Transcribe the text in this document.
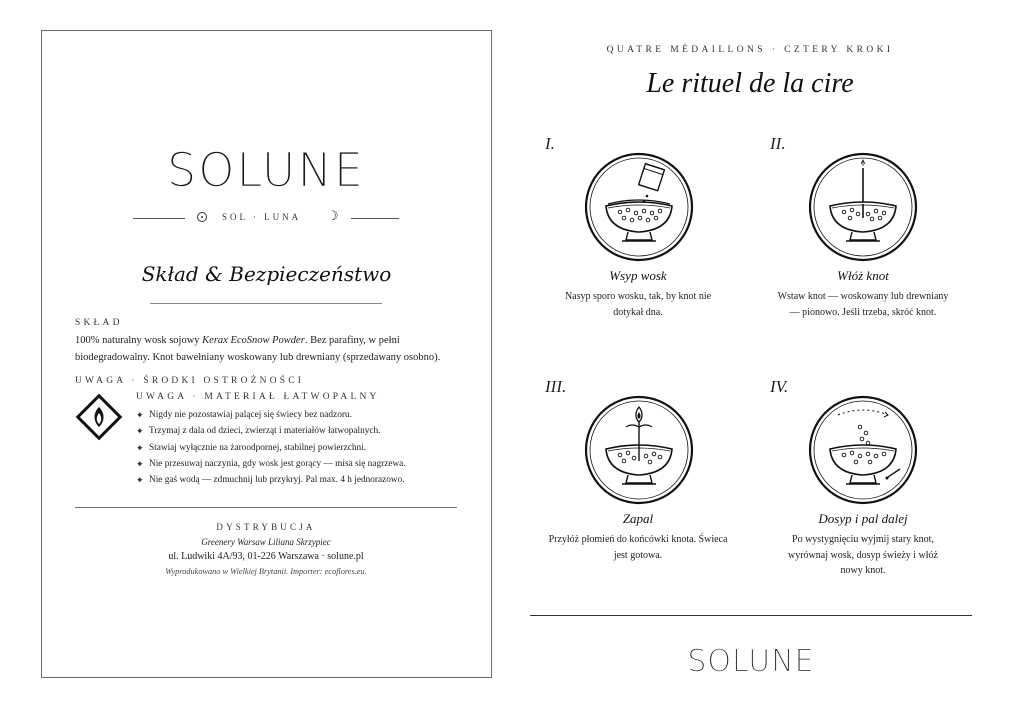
SOLUNE
SOL · LUNA ☽
Skład & Bezpieczeństwo
SKŁAD
100% naturalny wosk sojowy Kerax EcoSnow Powder. Bez parafiny, w pełni
biodegradowalny. Knot bawełniany woskowany lub drewniany (sprzedawany osobno).
UWAGA · ŚRODKI OSTROŻNOŚCI
UWAGA · MATERIAŁ ŁATWOPALNY
✦ Nigdy nie pozostawiaj palącej się świecy bez nadzoru.
✦ Trzymaj z dala od dzieci, zwierząt i materiałów łatwopalnych.
✦ Stawiaj wyłącznie na żaroodpornej, stabilnej powierzchni.
✦ Nie przesuwaj naczynia, gdy wosk jest gorący — misa się nagrzewa.
✦ Nie gaś wodą — zdmuchnij lub przykryj. Pal max. 4 h jednorazowo.
DYSTRYBUCJA
Greenery Warsaw Liliana Skrzypiec
ul. Ludwiki 4A/93, 01-226 Warszawa · solune.pl
Wyprodukowano w Wielkiej Brytanii. Importer: ecoflores.eu.
QUATRE MÉDAILLONS · CZTERY KROKI
Le rituel de la cire
I.
Wsyp wosk
Nasyp sporo wosku, tak, by knot nie
dotykał dna.
II.
Włóż knot
Wstaw knot — woskowany lub drewniany
— pionowo. Jeśli trzeba, skróć knot.
III.
Zapal
Przyłóż płomień do końcówki knota. Świeca
jest gotowa.
IV.
Dosyp i pal dalej
Po wystygnięciu wyjmij stary knot,
wyrównaj wosk, dosyp świeży i włóż
nowy knot.
SOLUNE
